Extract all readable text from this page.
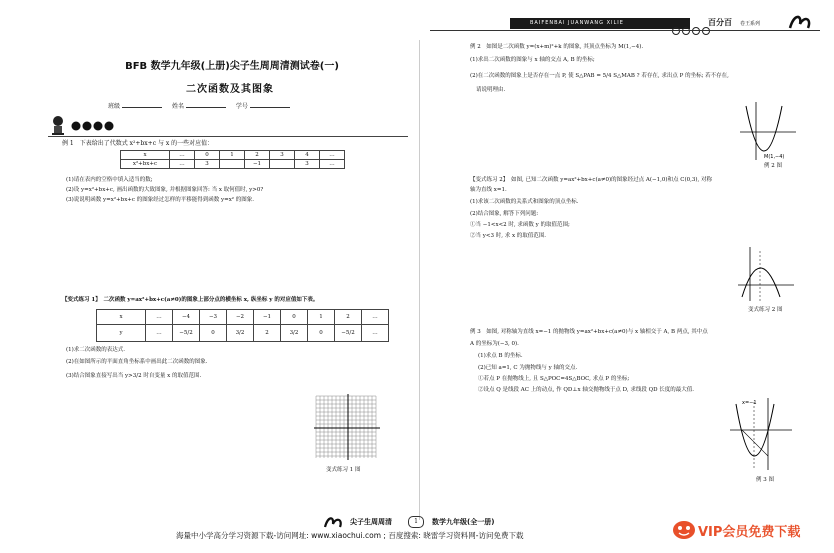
BFB 数学九年级(上册)尖子生周周清测试卷(一)
二次函数及其图象
班级	姓名	学号
例 1　下表给出了代数式 x²+bx+c 与 x 的一些对应值：
x	…	0	1	2	3	4	…
x²+bx+c	…	3		−1		3	…
(1)请在表内的空格中填入适当的数;
(2)设 y=x²+bx+c, 画出函数的大致图象, 并根据图象回答: 当 x 取何值时, y>0?
(3)说说明函数 y=x²+bx+c 的图象经过怎样的平移能得到函数 y=x² 的图象.
【变式练习 1】　二次函数 y=ax²+bx+c(a≠0)的图象上部分点的横坐标 x, 纵坐标 y 的对应值如下表。
x	…	−4	−3	−2	−1	0	1	2	…
y	…	−5/2	0	3/2	2	3/2	0	−5/2	…
(1)求二次函数的表达式.
(2)在如图所示的平面直角坐标系中画出此二次函数的图象.
(3)结合图象直接写出当 y>3/2 时自变量 x 的取值范围.
变式练习 1 图
BAIFENBAI JUANWANG XILIE	百分百 卷王系列
例 2　如图是二次函数 y=(x+m)²+k 的图象, 其顶点坐标为 M(1,−4).
(1)求出二次函数的图象与 x 轴的交点 A, B 的坐标;
(2)在二次函数的图象上是否存在一点 P, 使 S△PAB = 5/4 S△MAB ? 若存在, 求出点 P 的坐标; 若不存在,
请说明理由.
M(1,−4)
例 2 图
【变式练习 2】　如图, 已知二次函数 y=ax²+bx+c(a≠0)的图象经过点 A(−1,0)和点 C(0,3), 对称
轴为直线 x=1.
(1)求该二次函数的关系式和图象的顶点坐标.
(2)结合图象, 解答下列问题:
①当 −1<x<2 时, 求函数 y 的取值范围;
②当 y<3 时, 求 x 的取值范围.
变式练习 2 图
例 3　如图, 对称轴为直线 x=−1 的抛物线 y=ax²+bx+c(a≠0)与 x 轴相交于 A, B 两点, 其中点
A 的坐标为(−3, 0).
(1)求点 B 的坐标.
(2)已知 a=1, C 为抛物线与 y 轴的交点.
①若点 P 在抛物线上, 且 S△POC=4S△BOC, 求点 P 的坐标;
②设点 Q 是线段 AC 上的动点, 作 QD⊥x 轴交抛物线于点 D, 求线段 QD 长度的最大值.
x=−1
例 3 图
尖子生周周清	1	数学九年级(全一册)
海量中小学高分学习资源下载-访问网址: www.xiaochui.com ; 百度搜索: 晓雷学习资料网-访问免费下载	VIP会员免费下载
